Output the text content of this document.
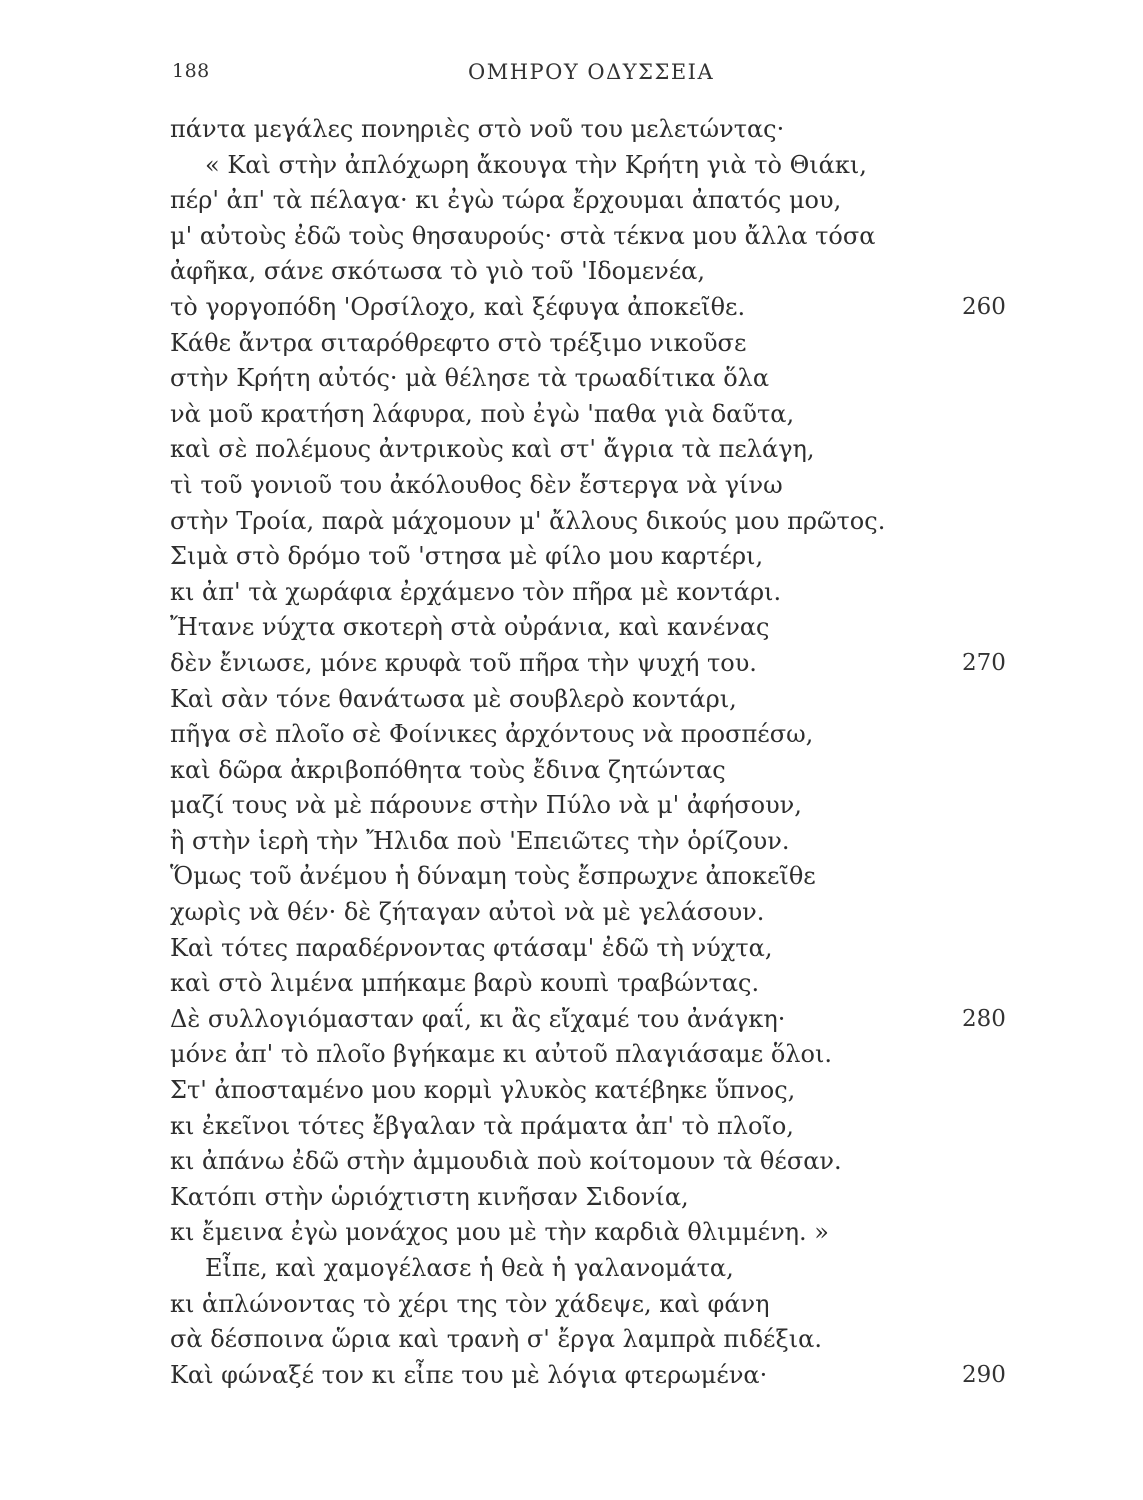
188	ΟΜΗΡΟΥ ΟΔΥΣΣΕΙΑ
πάντα μεγάλες πονηριὲς στὸ νοῦ του μελετώντας·
« Καὶ στὴν ἀπλόχωρη ἄκουγα τὴν Κρήτη γιὰ τὸ Θιάκι,
πέρ' ἀπ' τὰ πέλαγα· κι ἐγὼ τώρα ἔρχουμαι ἀπατός μου,
μ' αὐτοὺς ἐδῶ τοὺς θησαυρούς· στὰ τέκνα μου ἄλλα τόσα
ἀφῆκα, σάνε σκότωσα τὸ γιὸ τοῦ 'Ιδομενέα,
τὸ γοργοπόδη 'Ορσίλοχο, καὶ ξέφυγα ἀποκεῖθε.	260
Κάθε ἄντρα σιταρόθρεφτο στὸ τρέξιμο νικοῦσε
στὴν Κρήτη αὐτός· μὰ θέλησε τὰ τρωαδίτικα ὅλα
νὰ μοῦ κρατήση λάφυρα, ποὺ ἐγὼ 'παθα γιὰ δαῦτα,
καὶ σὲ πολέμους ἀντρικοὺς καὶ στ' ἄγρια τὰ πελάγη,
τὶ τοῦ γονιοῦ του ἀκόλουθος δὲν ἔστεργα νὰ γίνω
στὴν Τροία, παρὰ μάχομουν μ' ἄλλους δικούς μου πρῶτος.
Σιμὰ στὸ δρόμο τοῦ 'στησα μὲ φίλο μου καρτέρι,
κι ἀπ' τὰ χωράφια ἐρχάμενο τὸν πῆρα μὲ κοντάρι.
Ἤτανε νύχτα σκοτερὴ στὰ οὐράνια, καὶ κανένας
δὲν ἔνιωσε, μόνε κρυφὰ τοῦ πῆρα τὴν ψυχή του.	270
Καὶ σὰν τόνε θανάτωσα μὲ σουβλερὸ κοντάρι,
πῆγα σὲ πλοῖο σὲ Φοίνικες ἀρχόντους νὰ προσπέσω,
καὶ δῶρα ἀκριβοπόθητα τοὺς ἔδινα ζητώντας
μαζί τους νὰ μὲ πάρουνε στὴν Πύλο νὰ μ' ἀφήσουν,
ἢ στὴν ἱερὴ τὴν Ἤλιδα ποὺ 'Επειῶτες τὴν ὁρίζουν.
Ὅμως τοῦ ἀνέμου ἡ δύναμη τοὺς ἔσπρωχνε ἀποκεῖθε
χωρὶς νὰ θέν· δὲ ζήταγαν αὐτοὶ νὰ μὲ γελάσουν.
Καὶ τότες παραδέρνοντας φτάσαμ' ἐδῶ τὴ νύχτα,
καὶ στὸ λιμένα μπήκαμε βαρὺ κουπὶ τραβώντας.
Δὲ συλλογιόμασταν φαΐ, κι ἂς εἴχαμέ του ἀνάγκη·	280
μόνε ἀπ' τὸ πλοῖο βγήκαμε κι αὐτοῦ πλαγιάσαμε ὅλοι.
Στ' ἀποσταμένο μου κορμὶ γλυκὸς κατέβηκε ὕπνος,
κι ἐκεῖνοι τότες ἔβγαλαν τὰ πράματα ἀπ' τὸ πλοῖο,
κι ἀπάνω ἐδῶ στὴν ἀμμουδιὰ ποὺ κοίτομουν τὰ θέσαν.
Κατόπι στὴν ὡριόχτιστη κινῆσαν Σιδονία,
κι ἔμεινα ἐγὼ μονάχος μου μὲ τὴν καρδιὰ θλιμμένη. »
Εἶπε, καὶ χαμογέλασε ἡ θεὰ ἡ γαλανομάτα,
κι ἁπλώνοντας τὸ χέρι της τὸν χάδεψε, καὶ φάνη
σὰ δέσποινα ὥρια καὶ τρανὴ σ' ἔργα λαμπρὰ πιδέξια.
Καὶ φώναξέ τον κι εἶπε του μὲ λόγια φτερωμένα·	290
